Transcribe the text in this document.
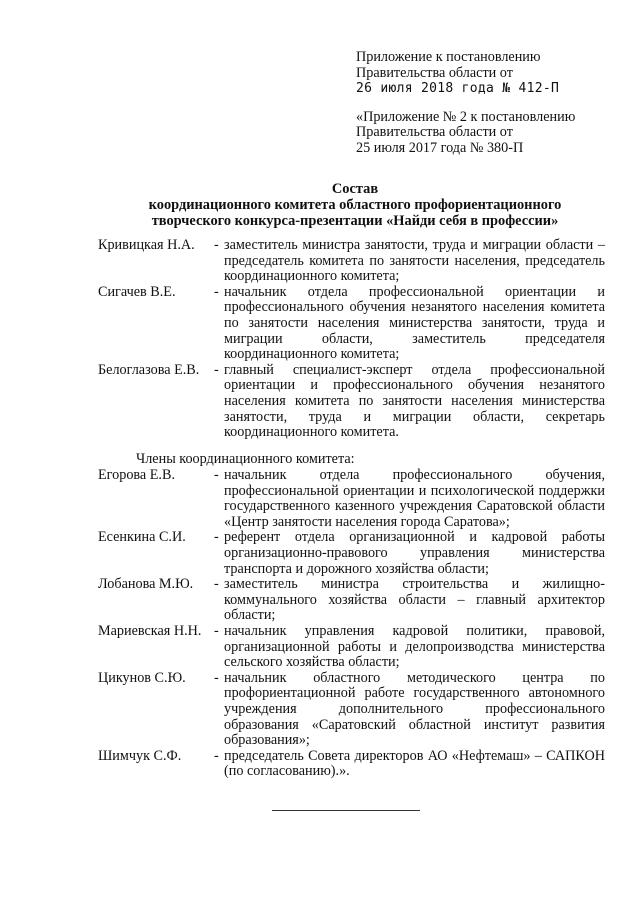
Приложение к постановлению
Правительства области от
26 июля 2018 года № 412-П
«Приложение № 2 к постановлению
Правительства области от
25 июля 2017 года № 380-П
Состав
координационного комитета областного профориентационного
творческого конкурса-презентации «Найди себя в профессии»
Кривицкая Н.А.	- заместитель министра занятости, труда и миграции области – председатель комитета по занятости населения, председатель координационного комитета;
Сигачев В.Е.	- начальник отдела профессиональной ориентации и профессионального обучения незанятого населения комитета по занятости населения министерства занятости, труда и миграции области, заместитель председателя координационного комитета;
Белоглазова Е.В.	- главный специалист-эксперт отдела профессиональной ориентации и профессионального обучения незанятого населения комитета по занятости населения министерства занятости, труда и миграции области, секретарь координационного комитета.
Члены координационного комитета:
Егорова Е.В.	- начальник отдела профессионального обучения, профессиональной ориентации и психологической поддержки государственного казенного учреждения Саратовской области «Центр занятости населения города Саратова»;
Есенкина С.И.	- референт отдела организационной и кадровой работы организационно-правового управления министерства транспорта и дорожного хозяйства области;
Лобанова М.Ю.	- заместитель министра строительства и жилищно-коммунального хозяйства области – главный архитектор области;
Мариевская Н.Н. - начальник управления кадровой политики, правовой, организационной работы и делопроизводства министерства сельского хозяйства области;
Цикунов С.Ю.	- начальник областного методического центра по профориентационной работе государственного автономного учреждения дополнительного профессионального образования «Саратовский областной институт развития образования»;
Шимчук С.Ф.	- председатель Совета директоров АО «Нефтемаш» – САПКОН (по согласованию).».
